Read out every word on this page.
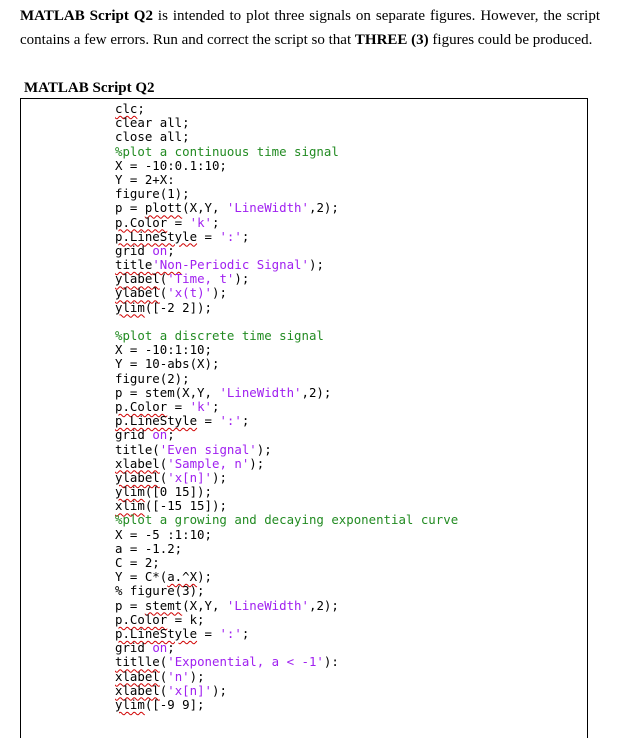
MATLAB Script Q2 is intended to plot three signals on separate figures. However, the script contains a few errors. Run and correct the script so that THREE (3) figures could be produced.

MATLAB Script Q2

clc;
clear all;
close all;
%plot a continuous time signal
X = -10:0.1:10;
Y = 2+X:
figure(1);
p = plott(X,Y, 'LineWidth',2);
p.Color = 'k';
p.LineStyle = ':';
grid on;
title'Non-Periodic Signal');
ylabel('Time, t');
ylabel('x(t)');
ylim([-2 2]);

%plot a discrete time signal
X = -10:1:10;
Y = 10-abs(X);
figure(2);
p = stem(X,Y, 'LineWidth',2);
p.Color = 'k';
p.LineStyle = ':';
grid on;
title('Even signal');
xlabel('Sample, n');
ylabel('x[n]');
ylim([0 15]);
xlim([-15 15]);
%plot a growing and decaying exponential curve
X = -5 :1:10;
a = -1.2;
C = 2;
Y = C*(a.^X);
% figure(3);
p = stemt(X,Y, 'LineWidth',2);
p.Color = k;
p.LineStyle = ':';
grid on;
titlle('Exponential, a < -1'):
xlabel('n');
xlabel('x[n]');
ylim([-9 9];
